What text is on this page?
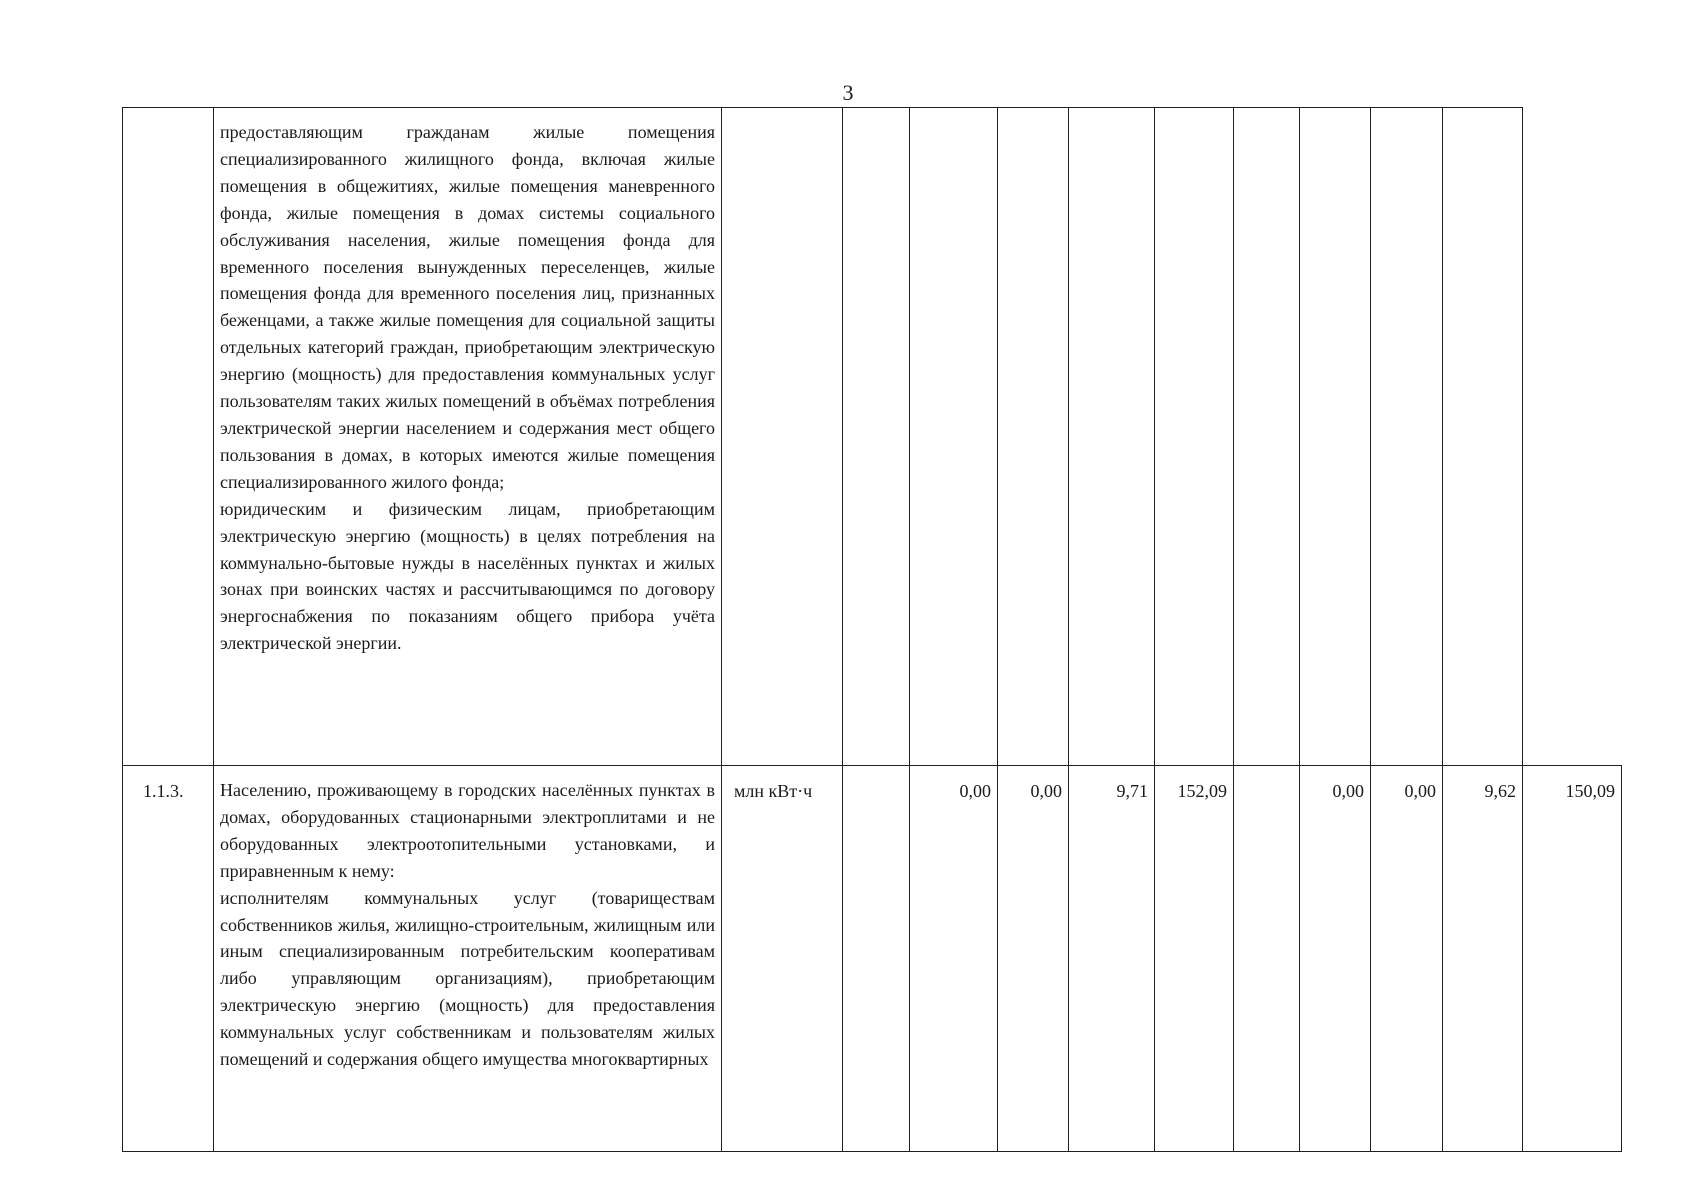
3

	предоставляющим гражданам жилые помещения специализированного жилищного фонда, включая жилые помещения в общежитиях, жилые помещения маневренного фонда, жилые помещения в домах системы социального обслуживания населения, жилые помещения фонда для временного поселения вынужденных переселенцев, жилые помещения фонда для временного поселения лиц, признанных беженцами, а также жилые помещения для социальной защиты отдельных категорий граждан, приобретающим электрическую энергию (мощность) для предоставления коммунальных услуг пользователям таких жилых помещений в объёмах потребления электрической энергии населением и содержания мест общего пользования в домах, в которых имеются жилые помещения специализированного жилого фонда;

юридическим и физическим лицам, приобретающим электрическую энергию (мощность) в целях потребления на коммунально-бытовые нужды в населённых пунктах и жилых зонах при воинских частях и рассчитывающимся по договору энергоснабжения по показаниям общего прибора учёта электрической энергии.											

1.1.3.	Населению, проживающему в городских населённых пунктах в домах, оборудованных стационарными электроплитами и не оборудованных электроотопительными установками, и приравненным к нему:

исполнителям коммунальных услуг (товариществам собственников жилья, жилищно-строительным, жилищным или иным специализированным потребительским кооперативам либо управляющим организациям), приобретающим электрическую энергию (мощность) для предоставления коммунальных услуг собственникам и пользователям жилых помещений и содержания общего имущества многоквартирных	млн кВт·ч		0,00	0,00	9,71	152,09		0,00	0,00	9,62	150,09
